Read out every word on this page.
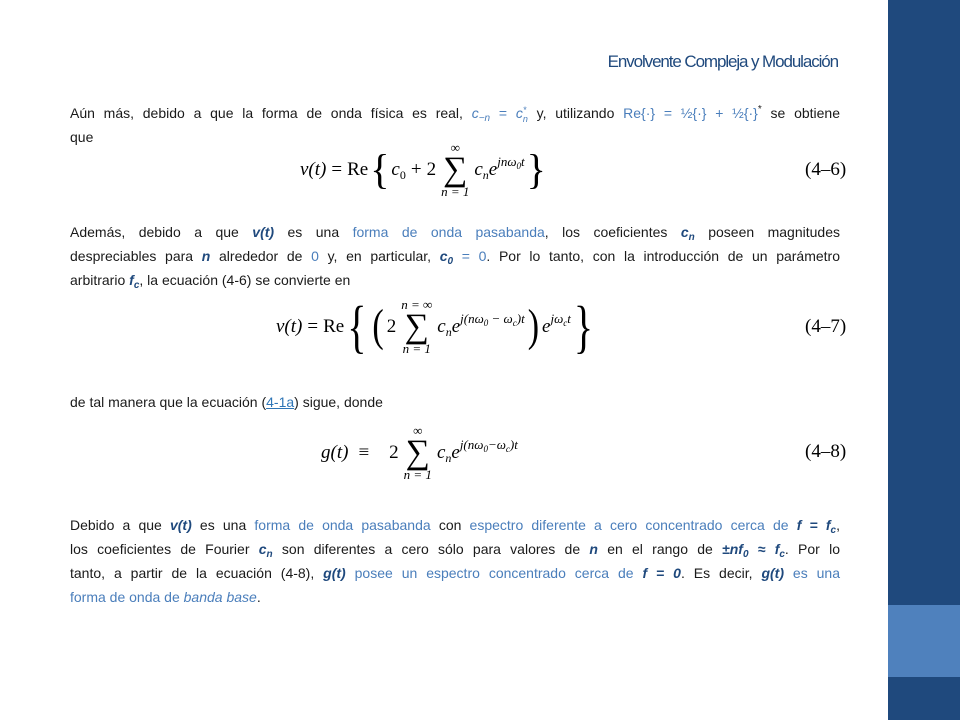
Envolvente Compleja y Modulación
Aún más, debido a que la forma de onda física es real, $c_{-n} = c$ *
n y, utilizando Re{·} = ½{·} + ½{·}* se obtiene
que
v(t) = Re { $c_0 + 2$
∞
∑
n = 1
$c_ne^{jn\omega_0t}$ }	(4–6)
Además, debido a que v(t) es una forma de onda pasabanda, los coeficientes $c_n$ poseen magnitudes
despreciables para n alrededor de 0 y, en particular, $c_0 = 0$. Por lo tanto, con la introducción de un parámetro
arbitrario $f_c$, la ecuación (4-6) se convierte en
v(t) = Re { ( 2
n = ∞
∑
n = 1
$c_ne^{j(n\omega_0 - \omega_c)t}$ ) $e^{j\omega_ct}$ }	(4–7)
de tal manera que la ecuación (4-1a) sigue, donde
g(t) ≡ 2
∞
∑
n = 1
$c_ne^{j(n\omega_0-\omega_c)t}$	(4–8)
Debido a que v(t) es una forma de onda pasabanda con espectro diferente a cero concentrado cerca de $f = f_c$,
los coeficientes de Fourier $c_n$ son diferentes a cero sólo para valores de n en el rango de $\pm nf_0 \approx f_c$. Por lo
tanto, a partir de la ecuación (4-8), g(t) posee un espectro concentrado cerca de f = 0. Es decir, g(t) es una
forma de onda de banda base.
